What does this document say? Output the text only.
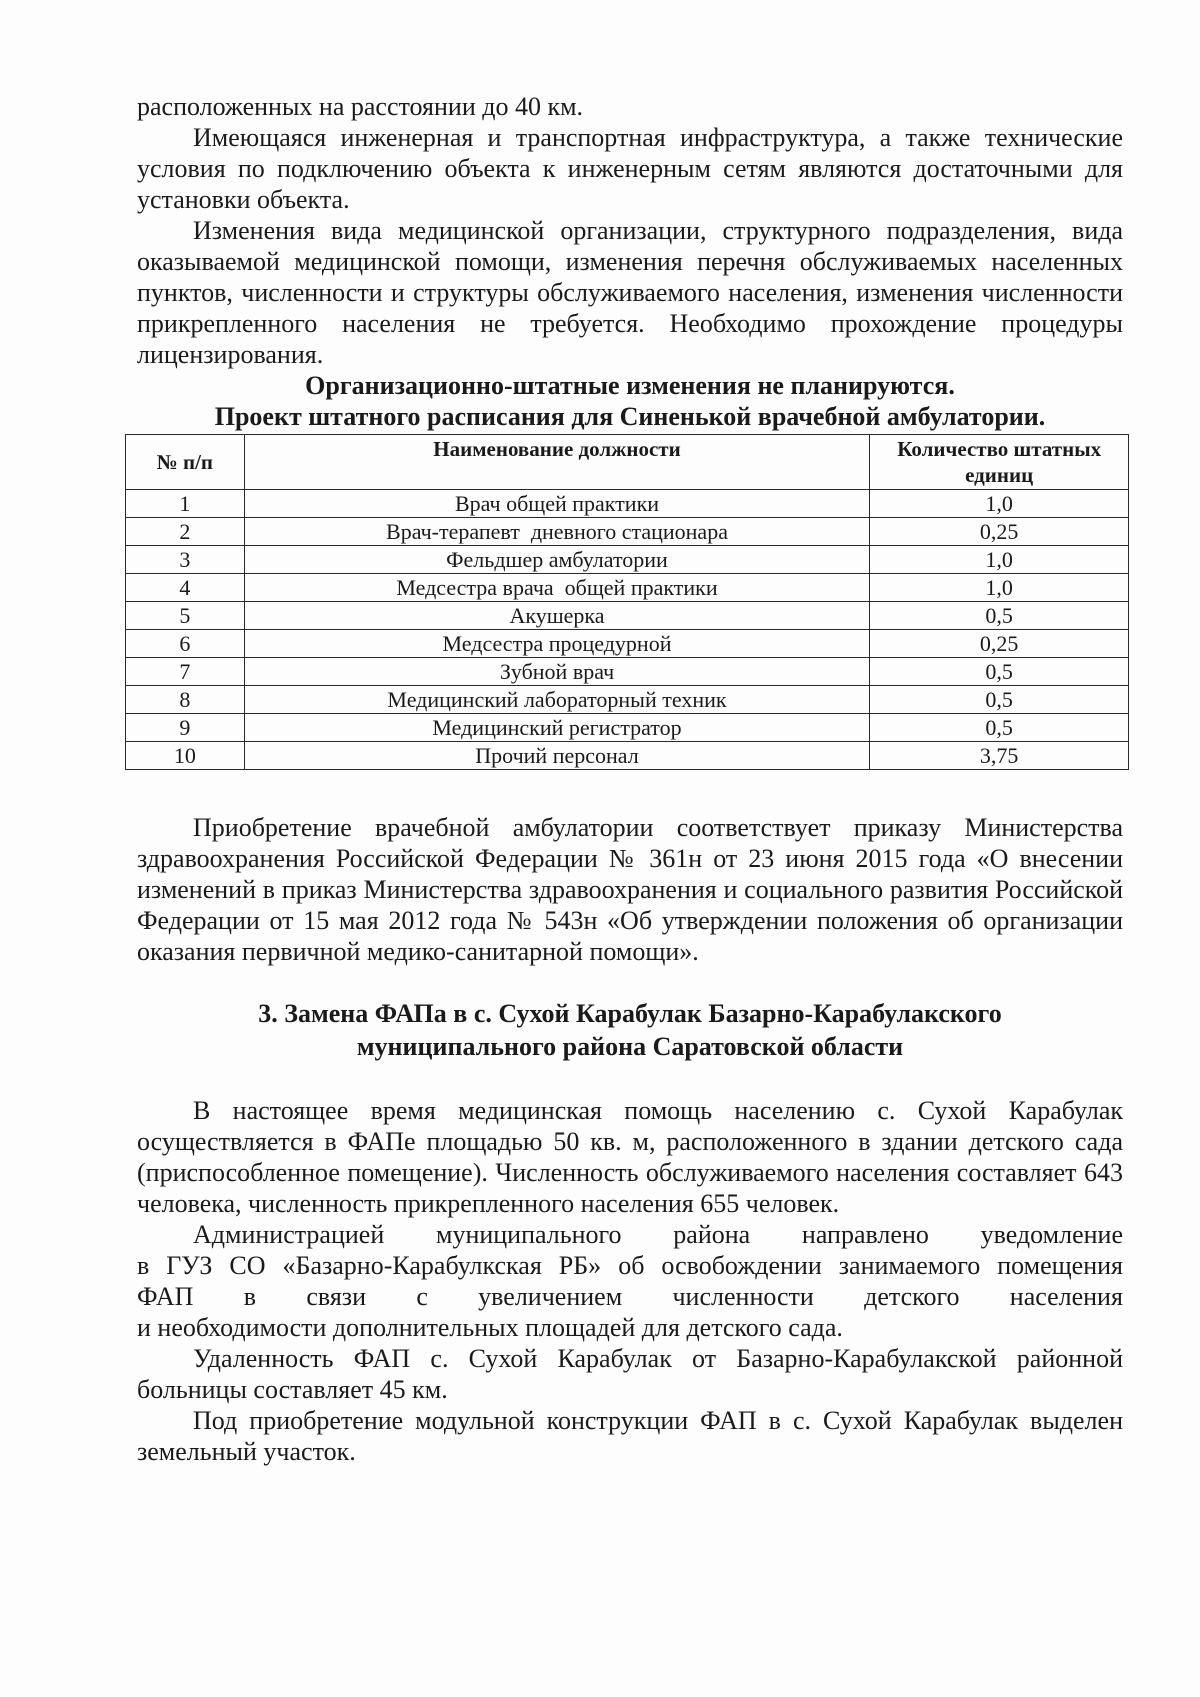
расположенных на расстоянии до 40 км.

Имеющаяся инженерная и транспортная инфраструктура, а также технические условия по подключению объекта к инженерным сетям являются достаточными для установки объекта.

Изменения вида медицинской организации, структурного подразделения, вида оказываемой медицинской помощи, изменения перечня обслуживаемых населенных пунктов, численности и структуры обслуживаемого населения, изменения численности прикрепленного населения не требуется. Необходимо прохождение процедуры лицензирования.

Организационно-штатные изменения не планируются.

Проект штатного расписания для Синенькой врачебной амбулатории.

№ п/п	Наименование должности	Количество штатных единиц
1	Врач общей практики	1,0
2	Врач-терапевт  дневного стационара	0,25
3	Фельдшер амбулатории	1,0
4	Медсестра врача  общей практики	1,0
5	Акушерка	0,5
6	Медсестра процедурной	0,25
7	Зубной врач	0,5
8	Медицинский лабораторный техник	0,5
9	Медицинский регистратор	0,5
10	Прочий персонал	3,75

Приобретение врачебной амбулатории соответствует приказу Министерства здравоохранения Российской Федерации № 361н от 23 июня 2015 года «О внесении изменений в приказ Министерства здравоохранения и социального развития Российской Федерации от 15 мая 2012 года № 543н «Об утверждении положения об организации оказания первичной медико-санитарной помощи».

3. Замена ФАПа в с. Сухой Карабулак Базарно-Карабулакского
муниципального района Саратовской области

В настоящее время медицинская помощь населению с. Сухой Карабулак осуществляется в ФАПе площадью 50 кв. м, расположенного в здании детского сада (приспособленное помещение). Численность обслуживаемого населения составляет 643 человека, численность прикрепленного населения 655 человек.

Администрацией муниципального района направлено уведомление

в ГУЗ СО «Базарно-Карабулкская РБ» об освобождении занимаемого помещения

ФАП в связи с увеличением численности детского населения

и необходимости дополнительных площадей для детского сада.

Удаленность ФАП с. Сухой Карабулак от Базарно-Карабулакской районной больницы составляет 45 км.

Под приобретение модульной конструкции ФАП в с. Сухой Карабулак выделен земельный участок.
